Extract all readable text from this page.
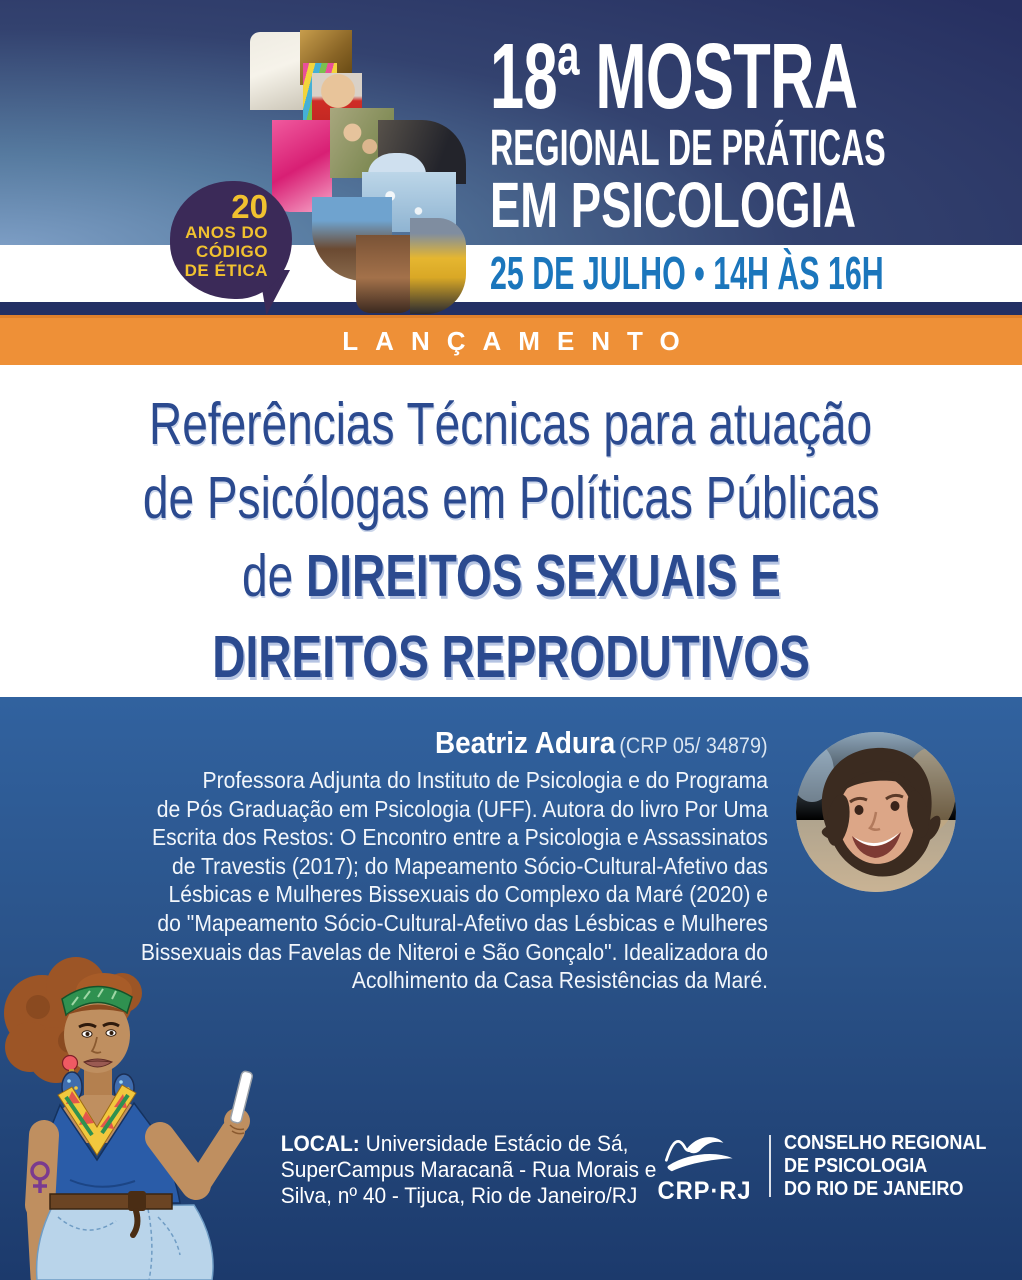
18ª MOSTRA
REGIONAL DE PRÁTICAS
EM PSICOLOGIA
25 DE JULHO • 14H ÀS 16H
LANÇAMENTO
20
ANOS DO
CÓDIGO
DE ÉTICA
Referências Técnicas para atuação
de Psicólogas em Políticas Públicas
de DIREITOS SEXUAIS E
DIREITOS REPRODUTIVOS
Beatriz Adura (CRP 05/ 34879)
Professora Adjunta do Instituto de Psicologia e do Programa
de Pós Graduação em Psicologia (UFF). Autora do livro Por Uma
Escrita dos Restos: O Encontro entre a Psicologia e Assassinatos
de Travestis (2017); do Mapeamento Sócio-Cultural-Afetivo das
Lésbicas e Mulheres Bissexuais do Complexo da Maré (2020) e
do "Mapeamento Sócio-Cultural-Afetivo das Lésbicas e Mulheres
Bissexuais das Favelas de Niteroi e São Gonçalo". Idealizadora do
Acolhimento da Casa Resistências da Maré.
LOCAL: Universidade Estácio de Sá,
SuperCampus Maracanã - Rua Morais e
Silva, nº 40 - Tijuca, Rio de Janeiro/RJ CRP·RJ
CONSELHO REGIONAL
DE PSICOLOGIA
DO RIO DE JANEIRO
